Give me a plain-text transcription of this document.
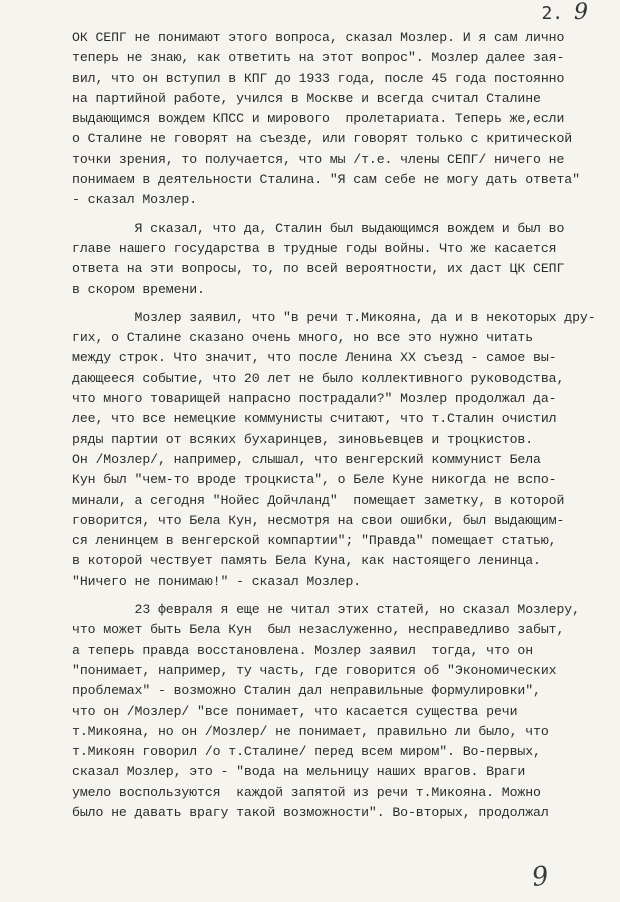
2. 9
ОК СЕПГ не понимают этого вопроса, сказал Мозлер. И я сам лично
теперь не знаю, как ответить на этот вопрос". Мозлер далее зая-
вил, что он вступил в КПГ до 1933 года, после 45 года постоянно
на партийной работе, учился в Москве и всегда считал Сталине
выдающимся вождем КПСС и мирового  пролетариата. Теперь же,если
о Сталине не говорят на съезде, или говорят только с критической
точки зрения, то получается, что мы /т.е. члены СЕПГ/ ничего не
понимаем в деятельности Сталина. "Я сам себе не могу дать ответа"
- сказал Мозлер.
Я сказал, что да, Сталин был выдающимся вождем и был во
главе нашего государства в трудные годы войны. Что же касается
ответа на эти вопросы, то, по всей вероятности, их даст ЦК СЕПГ
в скором времени.
Мозлер заявил, что "в речи т.Микояна, да и в некоторых дру-
гих, о Сталине сказано очень много, но все это нужно читать
между строк. Что значит, что после Ленина XX съезд - самое вы-
дающееся событие, что 20 лет не было коллективного руководства,
что много товарищей напрасно пострадали?" Мозлер продолжал да-
лее, что все немецкие коммунисты считают, что т.Сталин очистил
ряды партии от всяких бухаринцев, зиновьевцев и троцкистов.
Он /Мозлер/, например, слышал, что венгерский коммунист Бела
Кун был "чем-то вроде троцкиста", о Беле Куне никогда не вспо-
минали, а сегодня "Нойес Дойчланд"  помещает заметку, в которой
говорится, что Бела Кун, несмотря на свои ошибки, был выдающим-
ся ленинцем в венгерской компартии"; "Правда" помещает статью,
в которой чествует память Бела Куна, как настоящего ленинца.
"Ничего не понимаю!" - сказал Мозлер.
23 февраля я еще не читал этих статей, но сказал Мозлеру,
что может быть Бела Кун  был незаслуженно, несправедливо забыт,
а теперь правда восстановлена. Мозлер заявил  тогда, что он
"понимает, например, ту часть, где говорится об "Экономических
проблемах" - возможно Сталин дал неправильные формулировки",
что он /Мозлер/ "все понимает, что касается существа речи
т.Микояна, но он /Мозлер/ не понимает, правильно ли было, что
т.Микоян говорил /о т.Сталине/ перед всем миром". Во-первых,
сказал Мозлер, это - "вода на мельницу наших врагов. Враги
умело воспользуются  каждой запятой из речи т.Микояна. Можно
было не давать врагу такой возможности". Во-вторых, продолжал
9
